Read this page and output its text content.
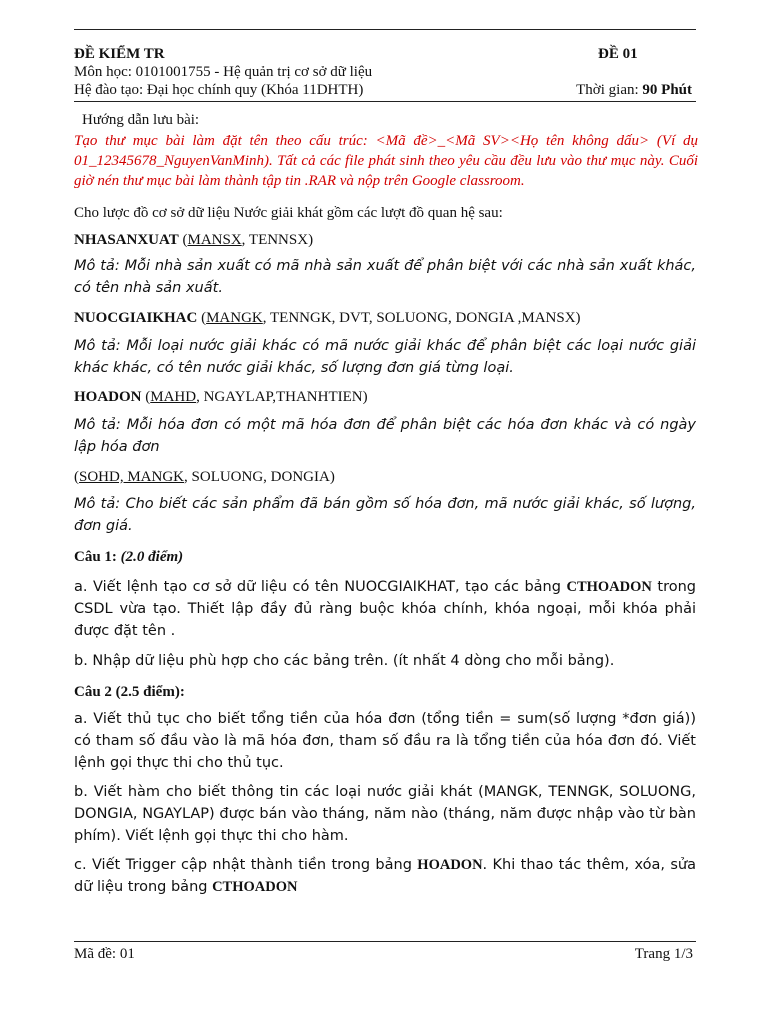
ĐỀ KIỂM TR	ĐỀ 01
Môn học: 0101001755 - Hệ quản trị cơ sở dữ liệu
Hệ đào tạo: Đại học chính quy (Khóa 11DHTH)	Thời gian: 90 Phút
Hướng dẫn lưu bài:
Tạo thư mục bài làm đặt tên theo cấu trúc: <Mã đề>_<Mã SV><Họ tên không dấu> (Ví dụ 01_12345678_NguyenVanMinh). Tất cả các file phát sinh theo yêu cầu đều lưu vào thư mục này. Cuối giờ nén thư mục bài làm thành tập tin .RAR và nộp trên Google classroom.
Cho lược đồ cơ sở dữ liệu Nước giải khát gồm các lượt đồ quan hệ sau:
NHASANXUAT (MANSX, TENNSX)
Mô tả: Mỗi nhà sản xuất có mã nhà sản xuất để phân biệt với các nhà sản xuất khác, có tên nhà sản xuất.
NUOCGIAIKHAC (MANGK, TENNGK, DVT, SOLUONG, DONGIA ,MANSX)
Mô tả: Mỗi loại nước giải khác có mã nước giải khác để phân biệt các loại nước giải khác khác, có tên nước giải khác, số lượng đơn giá từng loại.
HOADON (MAHD, NGAYLAP,THANHTIEN)
Mô tả: Mỗi hóa đơn có một mã hóa đơn để phân biệt các hóa đơn khác và có ngày lập hóa đơn
(SOHD, MANGK, SOLUONG, DONGIA)
Mô tả: Cho biết các sản phẩm đã bán gồm số hóa đơn, mã nước giải khác, số lượng, đơn giá.
Câu 1: (2.0 điểm)
a. Viết lệnh tạo cơ sở dữ liệu có tên NUOCGIAIKHAT, tạo các bảng CTHOADON trong CSDL vừa tạo. Thiết lập đầy đủ ràng buộc khóa chính, khóa ngoại, mỗi khóa phải được đặt tên .
b. Nhập dữ liệu phù hợp cho các bảng trên. (ít nhất 4 dòng cho mỗi bảng).
Câu 2 (2.5 điểm):
a. Viết thủ tục cho biết tổng tiền của hóa đơn (tổng tiền = sum(số lượng *đơn giá)) có tham số đầu vào là mã hóa đơn, tham số đầu ra là tổng tiền của hóa đơn đó. Viết lệnh gọi thực thi cho thủ tục.
b. Viết hàm cho biết thông tin các loại nước giải khát (MANGK, TENNGK, SOLUONG, DONGIA, NGAYLAP) được bán vào tháng, năm nào (tháng, năm được nhập vào từ bàn phím). Viết lệnh gọi thực thi cho hàm.
c. Viết Trigger cập nhật thành tiền trong bảng HOADON. Khi thao tác thêm, xóa, sửa dữ liệu trong bảng CTHOADON
Mã đề: 01	Trang 1/3
